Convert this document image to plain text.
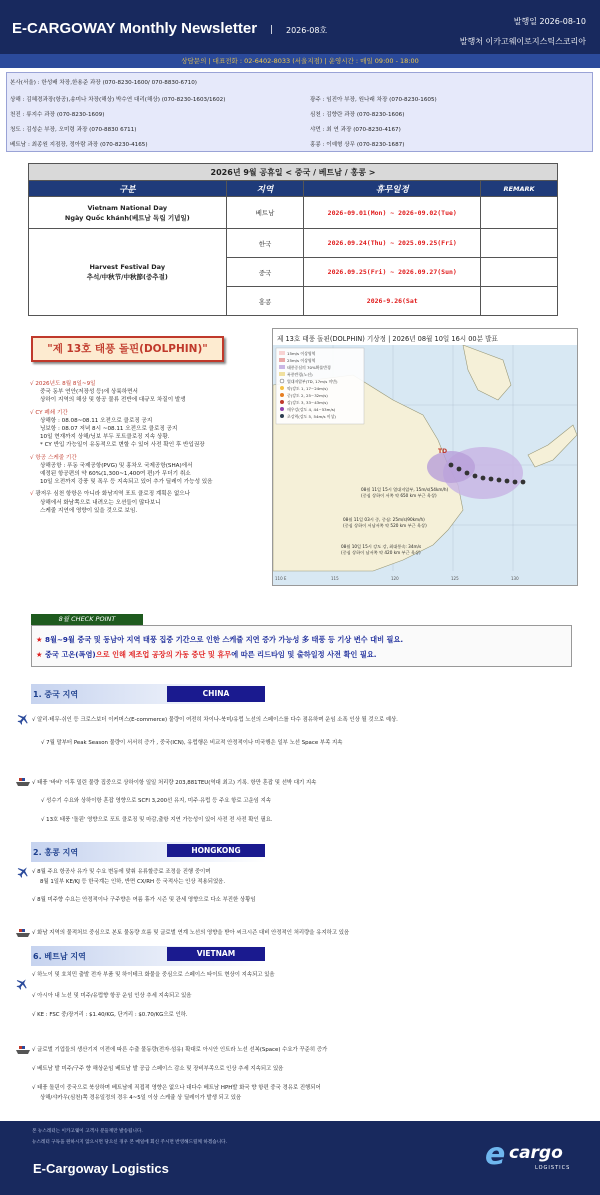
E-CARGOWAY Monthly Newsletter | 2026-08호
발행일 2026-08-10
발행처 이카고웨이로지스틱스코리아
상담문의 | 대표전화 : 02-6402-8033 (서울지점) | 운영시간 : 매일 09:00 - 18:00
본사(서울) : 한성배 차장,한용준 과장 (070-8230-1600/ 070-8830-6710)
상해 : 김혜경과장(항공),송미나 차장(해상) 박수연 대리(해상) (070-8230-1603/1602)	광주 : 임진아 부장, 원나래 차장 (070-8230-1605)
천진 : 류지수 과장 (070-8230-1609)	심천 : 김향란 과장 (070-8230-1606)
청도 : 김성순 부장, 오미령 과장 (070-8830 6711)	샤먼 : 최 연 과장 (070-8230-4167)
베트남 : 최종원 지점장, 정아람 과장 (070-8230-4165)	홍콩 : 이예형 상무 (070-8230-1687)
2026년 9월 공휴일 < 중국 / 베트남 / 홍콩 >			
구분	지역	휴무일정	REMARK

Vietnam National Day
Ngày Quốc khánh(베트남 독립 기념일)	베트남	2026-09.01(Mon) ~ 2026-09.02(Tue)	

Harvest Festival Day
추석/中秋节/中秋節(중추절)	한국	2026.09.24(Thu) ~ 2025.09.25(Fri)	
	중국	2026.09.25(Fri) ~ 2026.09.27(Sun)	
	홍콩	2026-9.26(Sat	
"제 13호 태풍 돌핀(DOLPHIN)"

√ 2026년도 8월 8일~9일
중국 동부 연안(저장성 등)에 상륙하면서
상하이 지역의 해상 및 항공 물류 전반에 대규모 차질이 발생

√ CY 폐쇄 기간
상해항 : 08.08~08.11 오전으로 클로징 공지
닝보항 : 08.07 저녁 8시 ~08.11 오전으로 클로징 공지
10일 현재까지 상해/닝보 부두 포트클로징 지속 상황.
* CY 반입 가능일이 유동적으로 변할 수 있어 사전 확인 후 반입권장

√ 항공 스케줄 기간
상해공항 : 푸동 국제공항(PVG) 및 홍차오 국제공항(SHA)에서
예정된 항공편의 약 60%(1,300~1,400여 편)가 무더기 취소
10일 오전까지 강풍 및 폭우 등 지속되고 있어 추가 딜레이 가능성 있음

√ 광저우 심천 항항은 아니라 화남지역 포트 클로징 계획은 없으나
상해에서 화남쪽으로 내려오는 오션들이 많다보니
스케줄 지연에 영향이 있을 것으로 보임.

제 13호 태풍 돌핀(DOLPHIN) 기상정 | 2026년 08월 10일 16시 00분 발표
TD
08월 11일 15시 열대저압부, 15m/s(54km/h)
(중심 상하이 서쪽 약 650 km 부근 육상)
08월 11일 03시 중, 중심: 25m/s(90km/h)
(중심 상하이 서남서쪽 약 520 km 부근 육상)
08월 10일 15시 강도 강, 최대풍속: 34m/s
(중심 상하이 남서쪽 약 420 km 부근 육상)
15m/s 이상영역
25m/s 이상영역
태풍중심의 70%확률반경
폭풍반경(노선)
열대저압부(TD, 17m/s 미만)
약(강도 1, 17~24m/s)
중(강도 2, 25~32m/s)
강(강도 3, 33~43m/s)
매우강(강도 4, 44~53m/s)
초강력(강도 5, 54m/s 이상)
110 E	115	120	125	130
8월 CHECK POINT
★ 8월~9월 중국 및 동남아 지역 태풍 집중 기간으로 인한 스케쥴 지연 증가 가능성 多 태풍 등 기상 변수 대비 필요.
★ 중국 고온(폭염)으로 인해 제조업 공장의 가동 중단 및 휴무에 따른 리드타임 및 출하일정 사전 확인 필요.
1. 중국 지역	CHINA
√ 알리·테무·쉬인 등 크로스보더 이커머스(E-commerce) 물량이 여전히 차이나-북미/유럽 노선의 스페이스를 다수 점유하며 운임 소폭 인상 될 것으로 예상.
√ 7월 말부터 Peak Season 물량이 서서히 증가 , 중국(ICN), 유럽행은 비교적 안정적이나 미국행은 일부 노선 Space 부족 지속
√ 태풍 '바비' 이후 밀린 물량 집중으로 상하이항 일일 처리량 203,881TEU(역대 최고) 기록. 항만 혼잡 및 선박 대기 지속
√ 성수기 수요와 상하이항 혼잡 영향으로 SCFI 3,200선 유지, 미주·유럽 등 주요 항로 고운임 지속
√ 13호 태풍 '돌핀' 영향으로 포트 클로징 및 마감,출항 지연 가능성이 있어 사전 전 사전 확인 필요.
2. 홍콩 지역	HONGKONG
√ 8월 주요 항공사 유가 및 수요 변동에 맞춰 유류할증료 조정을 진행 중이며
8월 1일부 KE/KJ 등 한국계는 인하, 반면 CX/RH 등 국적사는 인상 적용되었음.
√ 8월 미주향 수요는 안정적이나 구주향은 여름 휴가 시즌 및 관세 영향으로 다소 부진한 상황임
√ 화남 지역의 물적처브 중심으로 본토 물동량 흐름 및 글로벌 연계 노선의 영향을 받아 씨크시즌 대비 안정적인 처리량을 유지하고 있음
6. 베트남 지역	VIETNAM
√ 하노이 및 호치민 출발 전자 부품 및 하이테크 화물을 중심으로 스페이스 타이트 현상이 지속되고 있음
√ 아시아 내 노선 및 미주/유럽향 항공 운임 인상 추세 지속되고 있음
√ KE : FSC 중/장거리 : $1.40/KG, 단거리 : $0.70/KG으로 인하.
√ 글로벌 기업들의 생산기지 이전에 따른 수출 물동량(전자·섬유) 확대로 아시안 인트라 노선 선복(Space) 수요가 꾸준히 증가
√ 베트남 발 미주/구주 향 해상운임 베트남 발 공급 스페이스 감소 및 장비부족으로 인상 추세 지속되고 있음
√ 태풍 돌핀이 중국으로 북상하며 베트남에 직접적 영향은 없으나 대다수 베트남 HPH발 화국 향 항편 중국 경유로 진행되어
상해/샤카우(심천)쪽 경유일정의 경우 4~5일 이상 스케쥴 상 딜레이가 발생 되고 있음
본 뉴스레터는 이카고웨이 고객사 분들께만 발송됩니다.
뉴스레터 구독을 원하시지 않으시면 당으신 경우 본 메일에 회신 주시면 반영해드릴께 하겠습니다.
E-Cargoway Logistics	e cargo
LOGISTICS
